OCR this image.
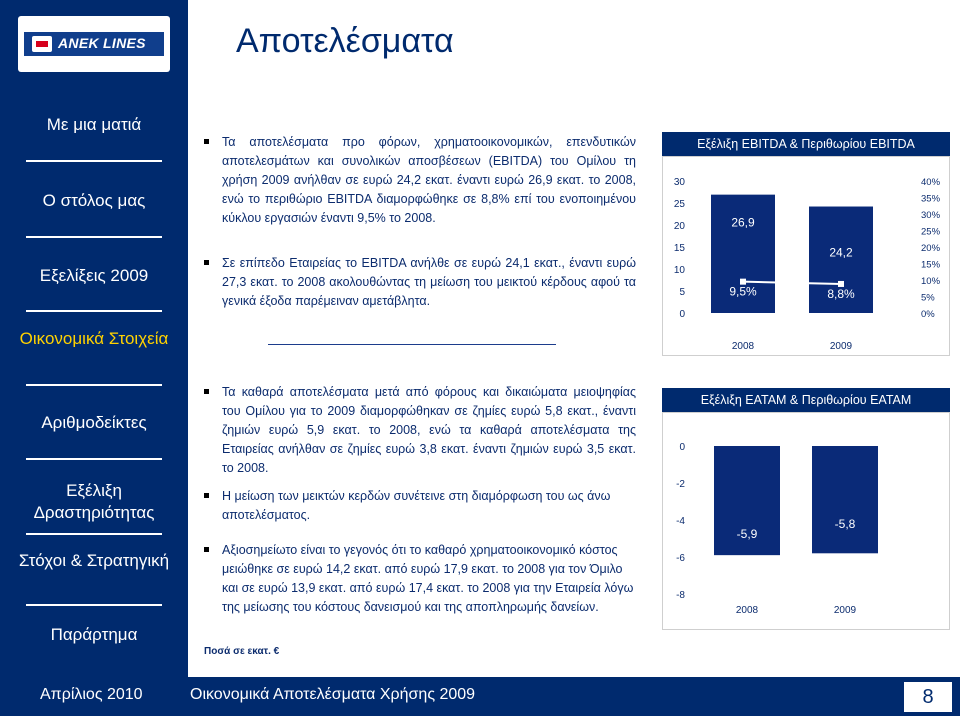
ANEK LINES	Αποτελέσματα
Με μια ματιά
Ο στόλος μας
Εξελίξεις 2009
Οικονομικά Στοιχεία
Αριθμοδείκτες
Εξέλιξη Δραστηριότητας
Στόχοι & Στρατηγική
Παράρτημα
Τα αποτελέσματα προ φόρων, χρηματοοικονομικών, επενδυτικών αποτελεσμάτων και συνολικών αποσβέσεων (EBITDA) του Ομίλου τη χρήση 2009 ανήλθαν σε ευρώ 24,2 εκατ. έναντι ευρώ 26,9 εκατ. το 2008, ενώ το περιθώριο EBITDA διαμορφώθηκε σε 8,8% επί του ενοποιημένου κύκλου εργασιών έναντι 9,5% το 2008.
Σε επίπεδο Εταιρείας το EBITDA ανήλθε σε ευρώ 24,1 εκατ., έναντι ευρώ 27,3 εκατ. το 2008 ακολουθώντας τη μείωση του μεικτού κέρδους αφού τα γενικά έξοδα παρέμειναν αμετάβλητα.
Τα καθαρά αποτελέσματα μετά από φόρους και δικαιώματα μειοψηφίας του Ομίλου για το 2009 διαμορφώθηκαν σε ζημίες ευρώ 5,8 εκατ., έναντι ζημιών ευρώ 5,9 εκατ. το 2008, ενώ τα καθαρά αποτελέσματα της Εταιρείας ανήλθαν σε ζημίες ευρώ 3,8 εκατ. έναντι ζημιών ευρώ 3,5 εκατ. το 2008.
Η μείωση των μεικτών κερδών συνέτεινε στη διαμόρφωση του ως άνω αποτελέσματος.
Αξιοσημείωτο είναι το γεγονός ότι το καθαρό χρηματοοικονομικό κόστος μειώθηκε σε ευρώ 14,2 εκατ. από ευρώ 17,9 εκατ. το 2008 για τον Όμιλο και σε ευρώ 13,9 εκατ. από ευρώ 17,4 εκατ. το 2008 για την Εταιρεία λόγω της μείωσης του κόστους δανεισμού και της αποπληρωμής δανείων.
Ποσά σε εκατ. €
Εξέλιξη EBITDA & Περιθωρίου EBITDA
0
5
10
15
20
25
30
0%
5%
10%
15%
20%
25%
30%
35%
40%
26,9
24,2
9,5%	8,8%
2008	2009
Εξέλιξη ΕΑΤΑΜ & Περιθωρίου ΕΑΤΑΜ
0
-2
-4
-6
-8
-5,9
-5,8
2008	2009
Απρίλιος 2010	Οικονομικά Αποτελέσματα Χρήσης 2009	8
